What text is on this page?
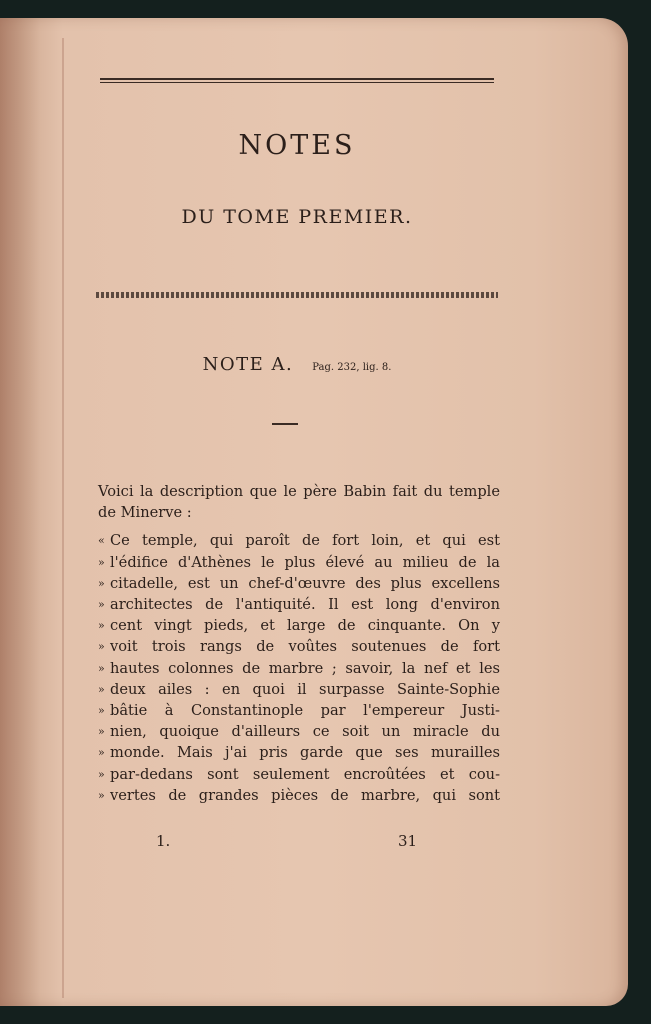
NOTES
DU TOME PREMIER.
NOTE A. Pag. 232, lig. 8.

Voici la description que le père Babin fait du temple de Minerve :

« Ce temple, qui paroît de fort loin, et qui est
» l'édifice d'Athènes le plus élevé au milieu de la
» citadelle, est un chef-d'œuvre des plus excellens
» architectes de l'antiquité. Il est long d'environ
» cent vingt pieds, et large de cinquante. On y
» voit trois rangs de voûtes soutenues de fort
» hautes colonnes de marbre ; savoir, la nef et les
» deux ailes : en quoi il surpasse Sainte-Sophie
» bâtie à Constantinople par l'empereur Justi-
» nien, quoique d'ailleurs ce soit un miracle du
» monde. Mais j'ai pris garde que ses murailles
» par-dedans sont seulement encroûtées et cou-
» vertes de grandes pièces de marbre, qui sont
1.	31
